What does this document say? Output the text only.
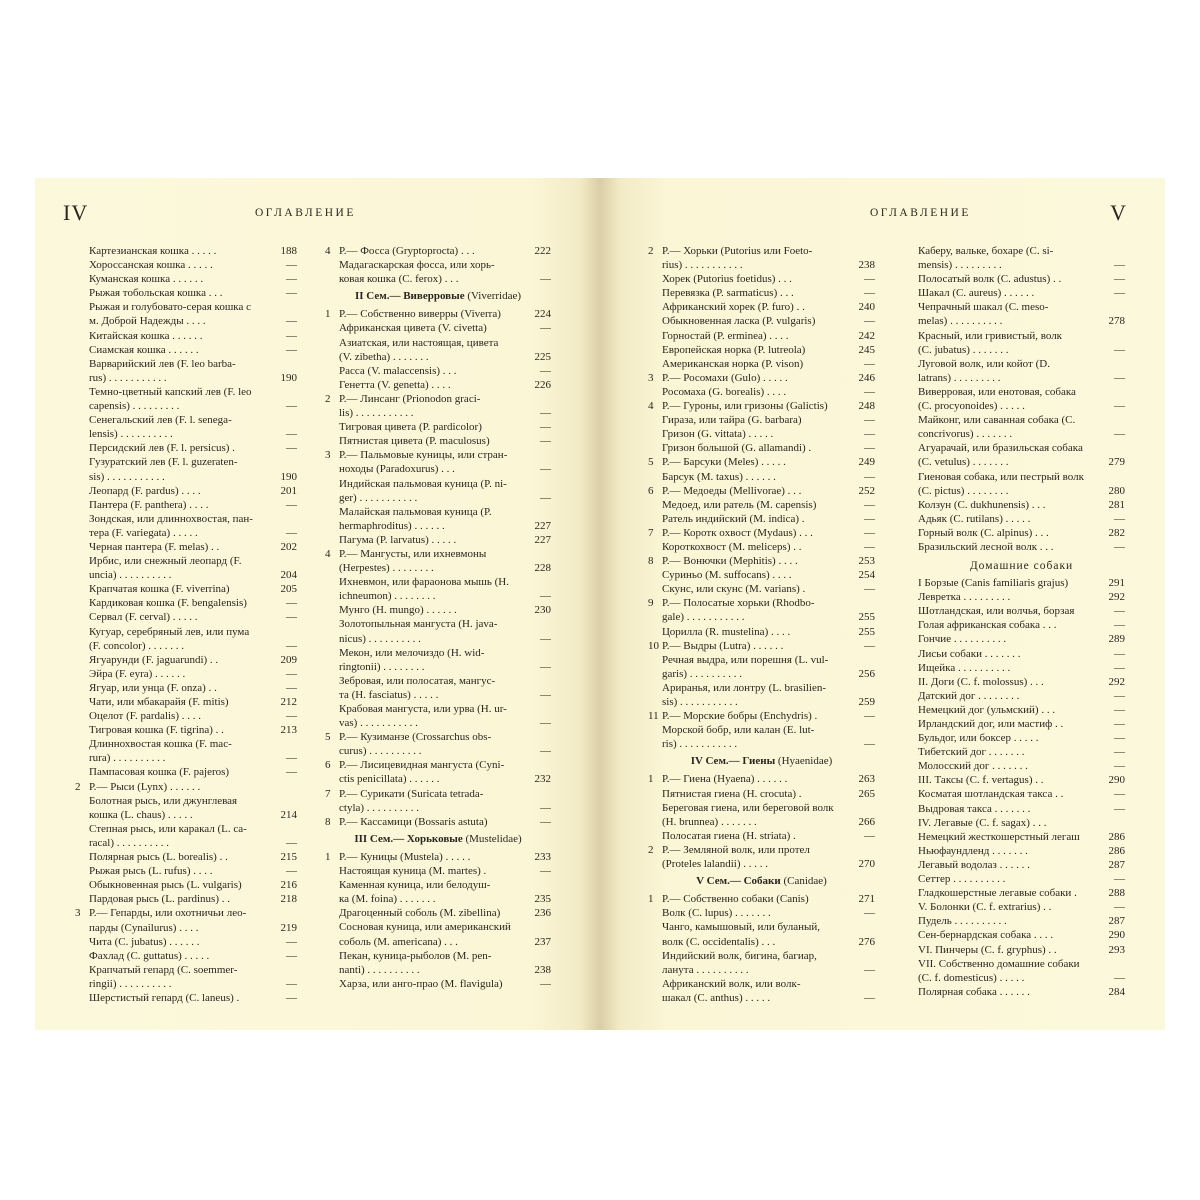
IV	ОГЛАВЛЕНИЕ
Картезианская кошка . . . . .	188
Хороссанская кошка . . . . .	—
Куманская кошка . . . . . .	—
Рыжая тобольская кошка . . .	—
Рыжая и голубовато-серая кошка с
м. Доброй Надежды . . . .	—
Китайская кошка . . . . . .	—
Сиамская кошка . . . . . .	—
Варварийский лев (F. leo barba-
rus) . . . . . . . . . . .	190
Темно-цветный капский лев (F. leo
capensis) . . . . . . . . .	—
Сенегальский лев (F. l. senega-
lensis) . . . . . . . . . .	—
Персидский лев (F. l. persicus) .	—
Гузуратский лев (F. l. guzeraten-
sis) . . . . . . . . . . .	190
Леопард (F. pardus) . . . .	201
Пантера (F. panthera) . . . .	—
Зондская, или длиннохвостая, пан-
тера (F. variegata) . . . . .	—
Черная пантера (F. melas) . .	202
Ирбис, или снежный леопард (F.
uncia) . . . . . . . . . .	204
Крапчатая кошка (F. viverrina)	205
Кардиковая кошка (F. bengalensis)	—
Сервал (F. cerval) . . . . .	—
Кугуар, серебряный лев, или пума
(F. concolor) . . . . . . .	—
Ягуарунди (F. jaguarundi) . .	209
Эйра (F. eyra) . . . . . .	—
Ягуар, или унца (F. onza) . .	—
Чати, или мбакарайя (F. mitis)	212
Оцелот (F. pardalis) . . . .	—
Тигровая кошка (F. tigrina) . .	213
Длиннохвостая кошка (F. mac-
rura) . . . . . . . . . .	—
Пампасовая кошка (F. pajeros)	—
2 Р.— Рыси (Lynx) . . . . . .
Болотная рысь, или джунглевая
кошка (L. chaus) . . . . .	214
Степная рысь, или каракал (L. ca-
racal) . . . . . . . . . .	—
Полярная рысь (L. borealis) . .	215
Рыжая рысь (L. rufus) . . . .	—
Обыкновенная рысь (L. vulgaris)	216
Пардовая рысь (L. pardinus) . .	218
3 Р.— Гепарды, или охотничьи лео-
парды (Cynailurus) . . . .	219
Чита (C. jubatus) . . . . . .	—
Фахлад (C. guttatus) . . . . .	—
Крапчатый гепард (C. soemmer-
ringii) . . . . . . . . . .	—
Шерстистый гепард (C. laneus) .	—
4 Р.— Фосса (Gryptoprocta) . . .	222
Мадагаскарская фосса, или хорь-
ковая кошка (C. ferox) . . .	—
II Сем.— Виверровые (Viverridae)
1 Р.— Собственно виверры (Viverra)	224
Африканская цивета (V. civetta)	—
Азиатская, или настоящая, цивета
(V. zibetha) . . . . . . .	225
Расса (V. malaccensis) . . .	—
Генетта (V. genetta) . . . .	226
2 Р.— Линсанг (Prionodon graci-
lis) . . . . . . . . . . .	—
Тигровая цивета (P. pardicolor)	—
Пятнистая цивета (P. maculosus)	—
3 Р.— Пальмовые куницы, или стран-
ноходы (Paradoxurus) . . .	—
Индийская пальмовая куница (P. ni-
ger) . . . . . . . . . . .	—
Малайская пальмовая куница (P.
hermaphroditus) . . . . . .	227
Пагума (P. larvatus) . . . . .	227
4 Р.— Мангусты, или ихневмоны
(Herpestes) . . . . . . . .	228
Ихневмон, или фараонова мышь (H.
ichneumon) . . . . . . . .	—
Мунго (H. mungo) . . . . . .	230
Золотопыльная мангуста (H. java-
nicus) . . . . . . . . . .	—
Мекон, или мелочиздо (H. wid-
ringtonii) . . . . . . . .	—
Зебровая, или полосатая, мангус-
та (H. fasciatus) . . . . .	—
Крабовая мангуста, или урва (H. ur-
vas) . . . . . . . . . . .	—
5 Р.— Кузиманзе (Crossarchus obs-
curus) . . . . . . . . . .	—
6 Р.— Лисицевидная мангуста (Cyni-
ctis penicillata) . . . . . .	232
7 Р.— Сурикати (Suricata tetrada-
ctyla) . . . . . . . . . .	—
8 Р.— Кассамици (Bossaris astuta)	—
III Сем.— Хорьковые (Mustelidae)
1 Р.— Куницы (Mustela) . . . . .	233
Настоящая куница (M. martes) .	—
Каменная куница, или белодуш-
ка (M. foina) . . . . . . .	235
Драгоценный соболь (M. zibellina)	236
Сосновая куница, или американский
соболь (M. americana) . . .	237
Пекан, куница-рыболов (M. pen-
nanti) . . . . . . . . . .	238
Харза, или анго-прао (M. flavigula)	—
ОГЛАВЛЕНИЕ	V
2 Р.— Хорьки (Putorius или Foeto-
rius) . . . . . . . . . . .	238
Хорек (Putorius foetidus) . . .	—
Перевязка (P. sarmaticus) . . .	—
Африканский хорек (P. furo) . .	240
Обыкновенная ласка (P. vulgaris)	—
Горностай (P. erminea) . . . .	242
Европейская норка (P. lutreola)	245
Американская норка (P. vison)	—
3 Р.— Росомахи (Gulo) . . . . .	246
Росомаха (G. borealis) . . . .	—
4 Р.— Гуроны, или гризоны (Galictis)	248
Гираза, или тайра (G. barbara)	—
Гризон (G. vittata) . . . . .	—
Гризон большой (G. allamandi) .	—
5 Р.— Барсуки (Meles) . . . . .	249
Барсук (M. taxus) . . . . . .	—
6 Р.— Медоеды (Mellivorae) . . .	252
Медоед, или ратель (M. capensis)	—
Ратель индийский (M. indica) .	—
7 Р.— Коротк oхвост (Mydaus) . . .	—
Короткохвост (M. meliceps) . .	—
8 Р.— Вонючки (Mephitis) . . . .	253
Суриньо (M. suffocans) . . . .	254
Скунс, или скунс (M. varians) .	—
9 Р.— Полосатые хорьки (Rhodbo-
gale) . . . . . . . . . . .	255
Цорилла (R. mustelina) . . . .	255
10 Р.— Выдры (Lutra) . . . . . .	—
Речная выдра, или порешня (L. vul-
garis) . . . . . . . . . .	256
Арирaнья, или лонтру (L. brasilien-
sis) . . . . . . . . . . .	259
11 Р.— Морские бобры (Enchydris) .	—
Морской бобр, или калан (E. lut-
ris) . . . . . . . . . . .	—
IV Сем.— Гиены (Hyaenidae)
1 Р.— Гиена (Hyaena) . . . . . .	263
Пятнистая гиена (H. crocuta) .	265
Береговая гиена, или береговой волк
(H. brunnea) . . . . . . .	266
Полосатая гиена (H. striata) .	—
2 Р.— Земляной волк, или протел
(Proteles lalandii) . . . . .	270
V Сем.— Собаки (Canidae)
1 Р.— Собственно собаки (Canis)	271
Волк (C. lupus) . . . . . . .	—
Чанго, камышовый, или буланый,
волк (C. occidentalis) . . .	276
Индийский волк, бигина, багиар,
ланута . . . . . . . . . .	—
Африканский волк, или волк-
шакал (C. anthus) . . . . .	—
Каберу, вальке, бохаре (C. si-
mensis) . . . . . . . . .	—
Полосатый волк (C. adustus) . .	—
Шакал (C. aureus) . . . . . .	—
Чепрачный шакал (C. meso-
melas) . . . . . . . . . .	278
Красный, или гривистый, волк
(C. jubatus) . . . . . . .	—
Луговой волк, или койот (D.
latrans) . . . . . . . . .	—
Виверровая, или енотовая, собака
(C. procyonoides) . . . . .	—
Майконг, или саванная собака (C.
concrivorus) . . . . . . .	—
Агуарачай, или бразильская собака
(C. vetulus) . . . . . . .	279
Гиеновая собака, или пестрый волк
(C. pictus) . . . . . . . .	280
Колзун (C. dukhunensis) . . .	281
Адьяк (C. rutilans) . . . . .	—
Горный волк (C. alpinus) . . .	282
Бразильский лесной волк . . .	—
Домашние собаки
I Борзые (Canis familiaris grajus)	291
Левретка . . . . . . . . .	292
Шотландская, или волчья, борзая	—
Голая африканская собака . . .	—
Гончие . . . . . . . . . .	289
Лисьи собаки . . . . . . .	—
Ищейка . . . . . . . . . .	—
II. Доги (C. f. molossus) . . .	292
Датский дог . . . . . . . .	—
Немецкий дог (ульмский) . . .	—
Ирландский дог, или мастиф . .	—
Бульдог, или боксер . . . . .	—
Тибетский дог . . . . . . .	—
Молосский дог . . . . . . .	—
III. Таксы (C. f. vertagus) . .	290
Косматая шотландская такса . .	—
Выдровая такса . . . . . . .	—
IV. Легавые (C. f. sagax) . . .
Немецкий жесткошерстный легаш	286
Ньюфаундленд . . . . . . .	286
Легавый водолаз . . . . . .	287
Сеттер . . . . . . . . . .	—
Гладкошерстные легавые собаки .	288
V. Болонки (C. f. extrarius) . .	—
Пудель . . . . . . . . . .	287
Сен-бернардская собака . . . .	290
VI. Пинчеры (C. f. gryphus) . .	293
VII. Собственно домашние собаки
(C. f. domesticus) . . . . .	—
Полярная собака . . . . . .	284
